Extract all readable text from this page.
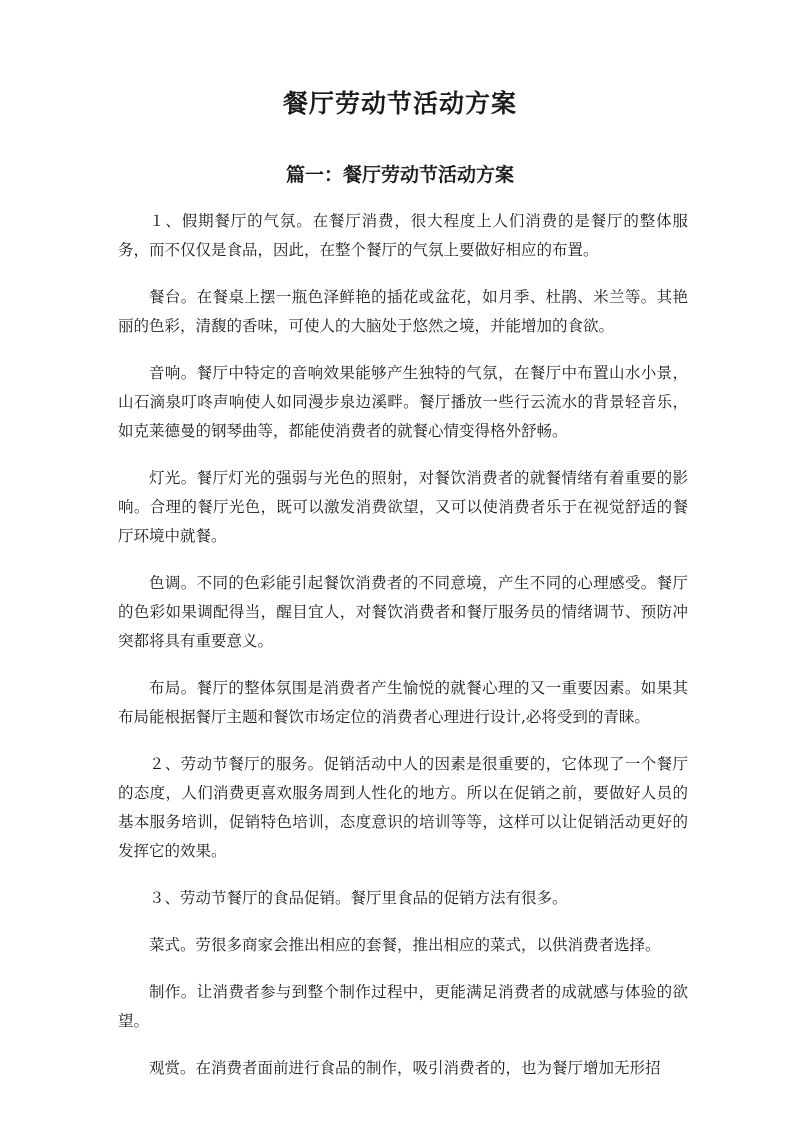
餐厅劳动节活动方案
篇一：餐厅劳动节活动方案

１、假期餐厅的气氛。在餐厅消费，很大程度上人们消费的是餐厅的整体服务，而不仅仅是食品，因此，在整个餐厅的气氛上要做好相应的布置。

餐台。在餐桌上摆一瓶色泽鲜艳的插花或盆花，如月季、杜鹃、米兰等。其艳丽的色彩，清馥的香味，可使人的大脑处于悠然之境，并能增加的食欲。

音响。餐厅中特定的音响效果能够产生独特的气氛，在餐厅中布置山水小景，山石滴泉叮咚声响使人如同漫步泉边溪畔。餐厅播放一些行云流水的背景轻音乐，如克莱德曼的钢琴曲等，都能使消费者的就餐心情变得格外舒畅。

灯光。餐厅灯光的强弱与光色的照射，对餐饮消费者的就餐情绪有着重要的影响。合理的餐厅光色，既可以激发消费欲望，又可以使消费者乐于在视觉舒适的餐厅环境中就餐。

色调。不同的色彩能引起餐饮消费者的不同意境，产生不同的心理感受。餐厅的色彩如果调配得当，醒目宜人，对餐饮消费者和餐厅服务员的情绪调节、预防冲突都将具有重要意义。

布局。餐厅的整体氛围是消费者产生愉悦的就餐心理的又一重要因素。如果其布局能根据餐厅主题和餐饮市场定位的消费者心理进行设计,必将受到的青睐。

２、劳动节餐厅的服务。促销活动中人的因素是很重要的，它体现了一个餐厅的态度，人们消费更喜欢服务周到人性化的地方。所以在促销之前，要做好人员的基本服务培训，促销特色培训，态度意识的培训等等，这样可以让促销活动更好的发挥它的效果。

３、劳动节餐厅的食品促销。餐厅里食品的促销方法有很多。

菜式。劳很多商家会推出相应的套餐，推出相应的菜式，以供消费者选择。

制作。让消费者参与到整个制作过程中，更能满足消费者的成就感与体验的欲望。

观赏。在消费者面前进行食品的制作，吸引消费者的，也为餐厅增加无形招
